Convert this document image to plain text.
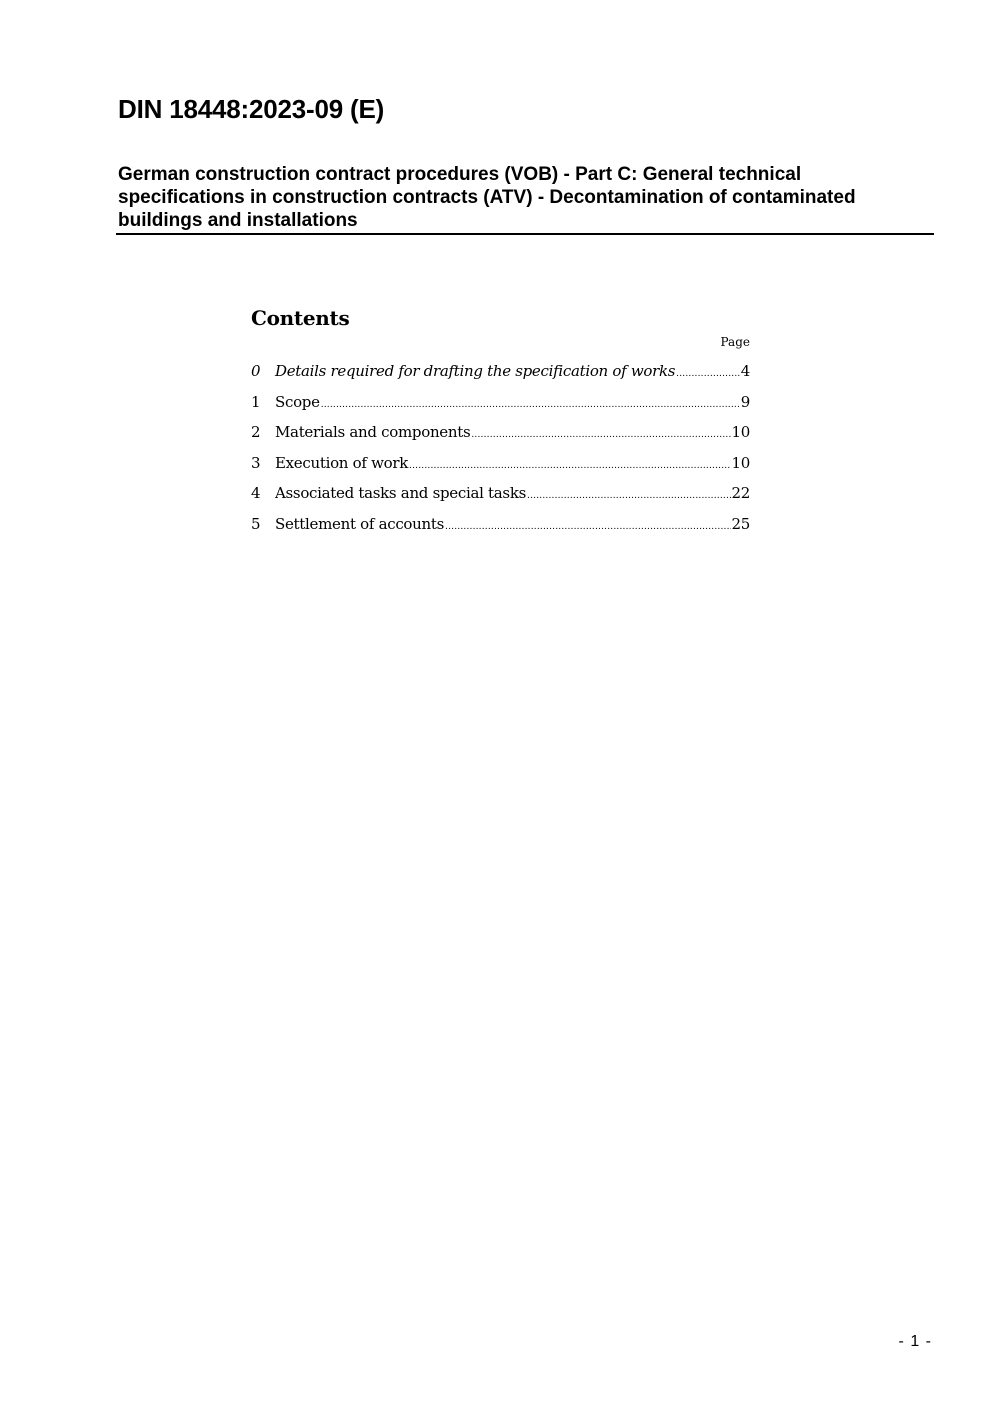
DIN 18448:2023-09 (E)
German construction contract procedures (VOB) - Part C: General technical specifications in construction contracts (ATV) - Decontamination of contaminated buildings and installations
Contents
Page
0 Details required for drafting the specification of works .....	4
1 Scope .....	9
2 Materials and components .....	10
3 Execution of work .....	10
4 Associated tasks and special tasks .....	22
5 Settlement of accounts .....	25
- 1 -
